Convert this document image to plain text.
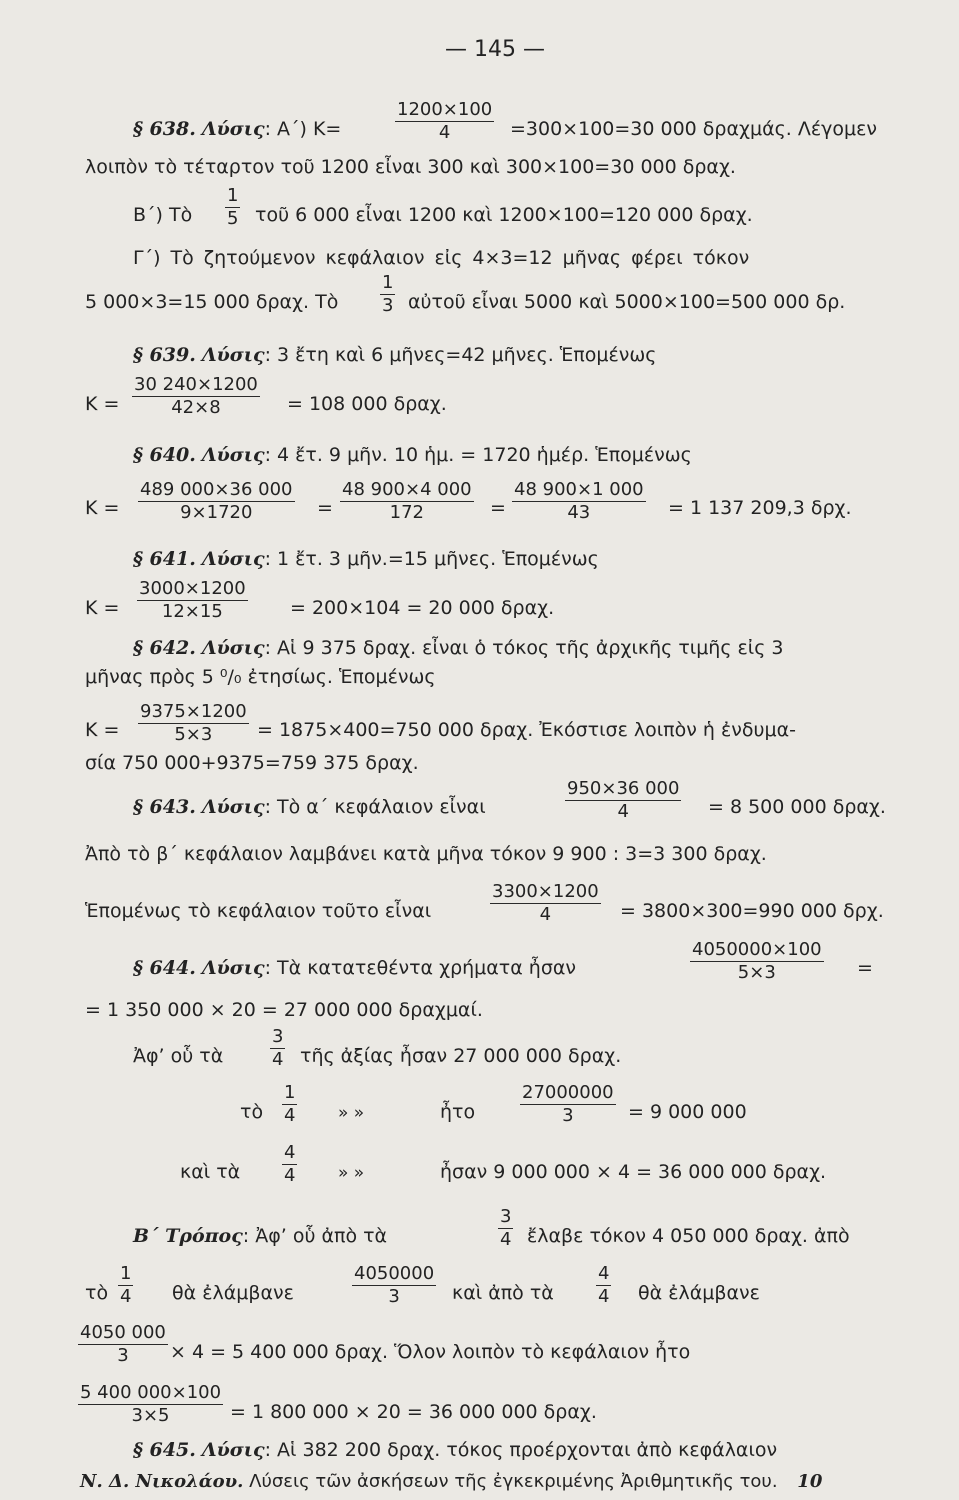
— 145 —
§ 638. Λύσις: Α΄) Κ=
1200×100
4	=300×100=30 000 δραχμάς. Λέγομεν
λοιπὸν τὸ τέταρτον τοῦ 1200 εἶναι 300 καὶ 300×100=30 000 δραχ.
Β΄) Τὸ
1
5 τοῦ 6 000 εἶναι 1200 καὶ 1200×100=120 000 δραχ.
Γ΄) Τὸ ζητούμενον κεφάλαιον εἰς 4×3=12 μῆνας φέρει τόκον
5 000×3=15 000 δραχ. Τὸ
1
3 αὐτοῦ εἶναι 5000 καὶ 5000×100=500 000 δρ.
§ 639. Λύσις: 3 ἔτη καὶ 6 μῆνες=42 μῆνες. Ἑπομένως
Κ =
30 240×1200
42×8	= 108 000 δραχ.
§ 640. Λύσις: 4 ἔτ. 9 μῆν. 10 ἡμ. = 1720 ἡμέρ. Ἑπομένως
Κ =
489 000×36 000
9×1720	=
48 900×4 000
172	=
48 900×1 000
43	= 1 137 209,3 δρχ.
§ 641. Λύσις: 1 ἔτ. 3 μῆν.=15 μῆνες. Ἑπομένως
Κ =
3000×1200
12×15	= 200×104 = 20 000 δραχ.
§ 642. Λύσις: Αἱ 9 375 δραχ. εἶναι ὁ τόκος τῆς ἀρχικῆς τιμῆς εἰς 3
μῆνας πρὸς 5 ⁰/₀ ἐτησίως. Ἑπομένως
Κ =
9375×1200
5×3 = 1875×400=750 000 δραχ. Ἐκόστισε λοιπὸν ἡ ἐνδυμα-
σία 750 000+9375=759 375 δραχ.
§ 643. Λύσις: Τὸ α΄ κεφάλαιον εἶναι
950×36 000
4	= 8 500 000 δραχ.
Ἀπὸ τὸ β΄ κεφάλαιον λαμβάνει κατὰ μῆνα τόκον 9 900 : 3=3 300 δραχ.
Ἑπομένως τὸ κεφάλαιον τοῦτο εἶναι
3300×1200
4	= 3800×300=990 000 δρχ.
§ 644. Λύσις: Τὰ κατατεθέντα χρήματα ἦσαν
4050000×100
5×3	=
= 1 350 000 × 20 = 27 000 000 δραχμαί.
Ἀφ’ οὗ τὰ
3
4 τῆς ἀξίας ἦσαν 27 000 000 δραχ.
τὸ
1
4	» »	ἦτο
27000000
3	= 9 000 000
καὶ τὰ
4
4	» »	ἦσαν 9 000 000 × 4 = 36 000 000 δραχ.
Β΄ Τρόπος: Ἀφ’ οὗ ἀπὸ τὰ
3
4 ἔλαβε τόκον 4 050 000 δραχ. ἀπὸ
τὸ
1
4 θὰ ἐλάμβανε
4050000
3	καὶ ἀπὸ τὰ
4
4 θὰ ἐλάμβανε
4050 000
3 × 4 = 5 400 000 δραχ. Ὅλον λοιπὸν τὸ κεφάλαιον ἦτο
5 400 000×100
3×5	= 1 800 000 × 20 = 36 000 000 δραχ.
§ 645. Λύσις: Αἱ 382 200 δραχ. τόκος προέρχονται ἀπὸ κεφάλαιον
Ν. Δ. Νικολάου. Λύσεις τῶν ἀσκήσεων τῆς ἐγκεκριμένης Ἀριθμητικῆς του. 10
